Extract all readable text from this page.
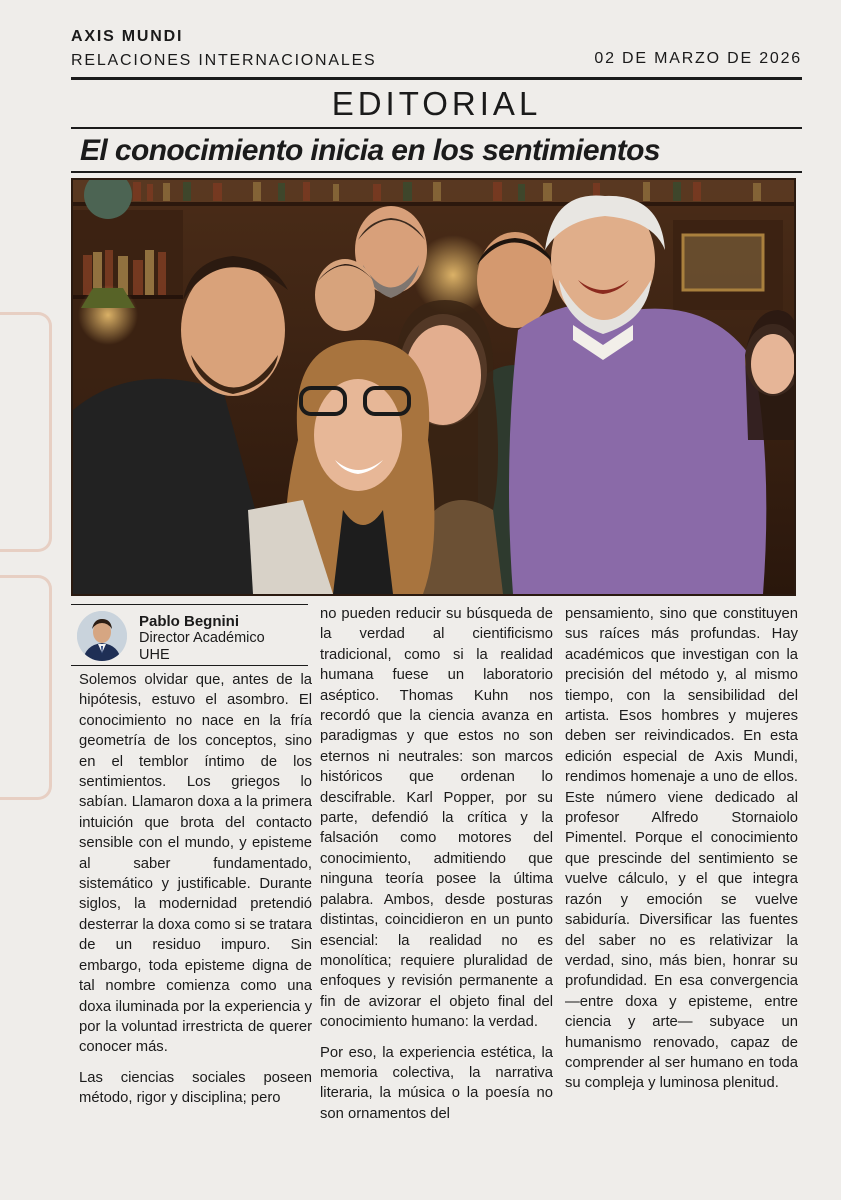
AXIS MUNDI
RELACIONES INTERNACIONALES	02 DE MARZO DE 2026
EDITORIAL
El conocimiento inicia en los sentimientos
Pablo Begnini
Director Académico
UHE

Solemos olvidar que, antes de la hipótesis, estuvo el asombro. El conocimiento no nace en la fría geometría de los conceptos, sino en el temblor íntimo de los sentimientos. Los griegos lo sabían. Llamaron doxa a la primera intuición que brota del contacto sensible con el mundo, y episteme al saber fundamentado, sistemático y justificable. Durante siglos, la modernidad pretendió desterrar la doxa como si se tratara de un residuo impuro. Sin embargo, toda episteme digna de tal nombre comienza como una doxa iluminada por la experiencia y por la voluntad irrestricta de querer conocer más.

Las ciencias sociales poseen método, rigor y disciplina; pero

no pueden reducir su búsqueda de la verdad al cientificismo tradicional, como si la realidad humana fuese un laboratorio aséptico. Thomas Kuhn nos recordó que la ciencia avanza en paradigmas y que estos no son eternos ni neutrales: son marcos históricos que ordenan lo descifrable. Karl Popper, por su parte, defendió la crítica y la falsación como motores del conocimiento, admitiendo que ninguna teoría posee la última palabra. Ambos, desde posturas distintas, coincidieron en un punto esencial: la realidad no es monolítica; requiere pluralidad de enfoques y revisión permanente a fin de avizorar el objeto final del conocimiento humano: la verdad.

Por eso, la experiencia estética, la memoria colectiva, la narrativa literaria, la música o la poesía no son ornamentos del

pensamiento, sino que constituyen sus raíces más profundas. Hay académicos que investigan con la precisión del método y, al mismo tiempo, con la sensibilidad del artista. Esos hombres y mujeres deben ser reivindicados. En esta edición especial de Axis Mundi, rendimos homenaje a uno de ellos. Este número viene dedicado al profesor Alfredo Stornaiolo Pimentel. Porque el conocimiento que prescinde del sentimiento se vuelve cálculo, y el que integra razón y emoción se vuelve sabiduría. Diversificar las fuentes del saber no es relativizar la verdad, sino, más bien, honrar su profundidad. En esa convergencia —entre doxa y episteme, entre ciencia y arte— subyace un humanismo renovado, capaz de comprender al ser humano en toda su compleja y luminosa plenitud.
